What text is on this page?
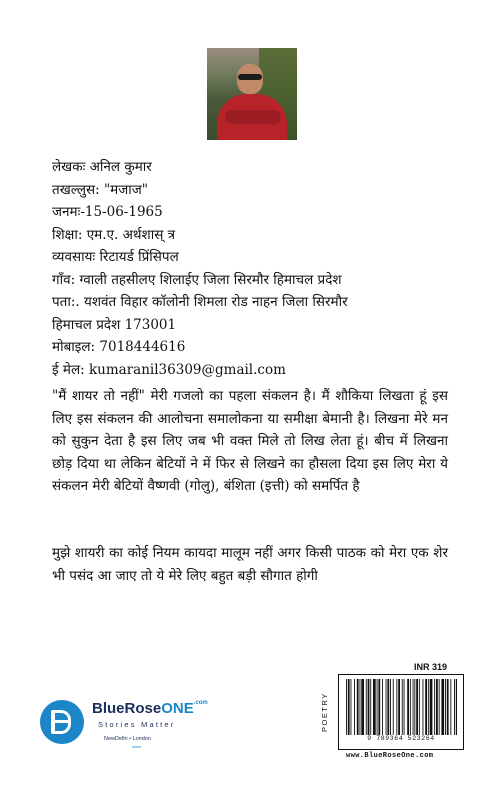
लेखकः अनिल कुमार
तखल्लुस: "मजाज"
जनमः-15-06-1965
शिक्षा: एम.ए. अर्थशास् त्र
व्यवसायः रिटायर्ड प्रिंसिपल
गाँव: ग्वाली तहसीलए शिलाईए जिला सिरमौर हिमाचल प्रदेश
पता:. यशवंत विहार कॉलोनी शिमला रोड नाहन जिला सिरमौर
हिमाचल प्रदेश 173001
मोबाइल: 7018444616
ई मेल: kumaranil36309@gmail.com
"मैं शायर तो नहीं" मेरी गजलो का पहला संकलन है। मैं शौकिया लिखता हूं इस लिए इस संकलन की आलोचना समालोकना या समीक्षा बेमानी है। लिखना मेरे मन को सुकुन देता है इस लिए जब भी वक्त मिले तो लिख लेता हूं। बीच में लिखना छोड़ दिया था लेकिन बेटियों ने में फिर से लिखने का हौसला दिया इस लिए मेरा ये संकलन मेरी बेटियों वैष्णवी (गोलु), बंशिता (इत्ती) को समर्पित है
मुझे शायरी का कोई नियम कायदा मालूम नहीं अगर किसी पाठक को मेरा एक शेर भी पसंद आ जाए तो ये मेरे लिए बहुत बड़ी सौगात होगी
BlueRoseONE$^{.com}$
Stories Matter
NewDelhi • London
since
INR 319
POETRY
9 789364 523264
www.BlueRoseOne.com
